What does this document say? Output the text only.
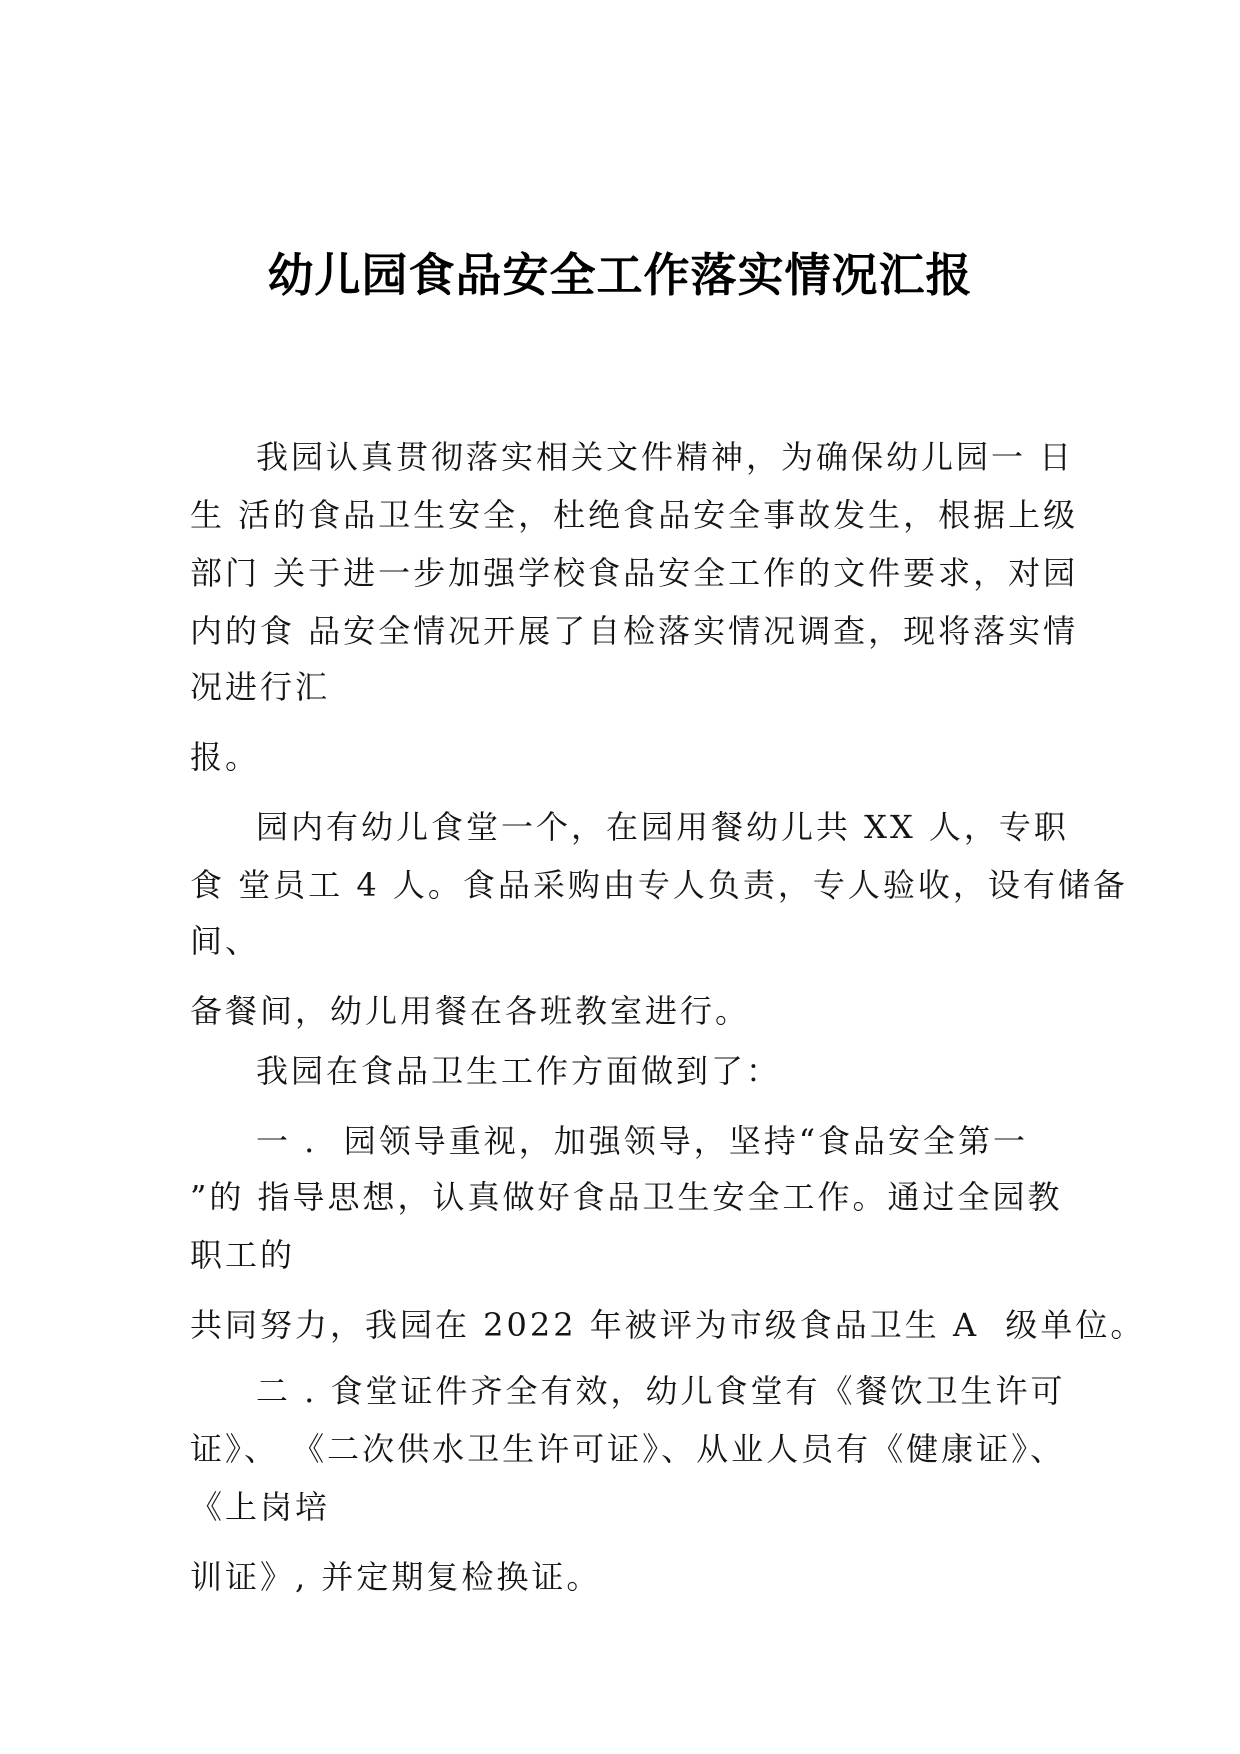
幼儿园食品安全工作落实情况汇报
我园认真贯彻落实相关文件精神，为确保幼儿园一 日
生 活的食品卫生安全，杜绝食品安全事故发生，根据上级
部门 关于进一步加强学校食品安全工作的文件要求，对园
内的食 品安全情况开展了自检落实情况调查，现将落实情
况进行汇
报。
园内有幼儿食堂一个，在园用餐幼儿共 XX 人，专职
食 堂员工 4 人。食品采购由专人负责，专人验收，设有储备
间、
备餐间，幼儿用餐在各班教室进行。
我园在食品卫生工作方面做到了：
一 .  园领导重视，加强领导，坚持“食品安全第一
”的 指导思想，认真做好食品卫生安全工作。通过全园教
职工的
共同努力，我园在 2022 年被评为市级食品卫生 A  级单位。
二 . 食堂证件齐全有效，幼儿食堂有《餐饮卫生许可
证》、 《二次供水卫生许可证》、从业人员有《健康证》、
《上岗培
训证》, 并定期复检换证。
